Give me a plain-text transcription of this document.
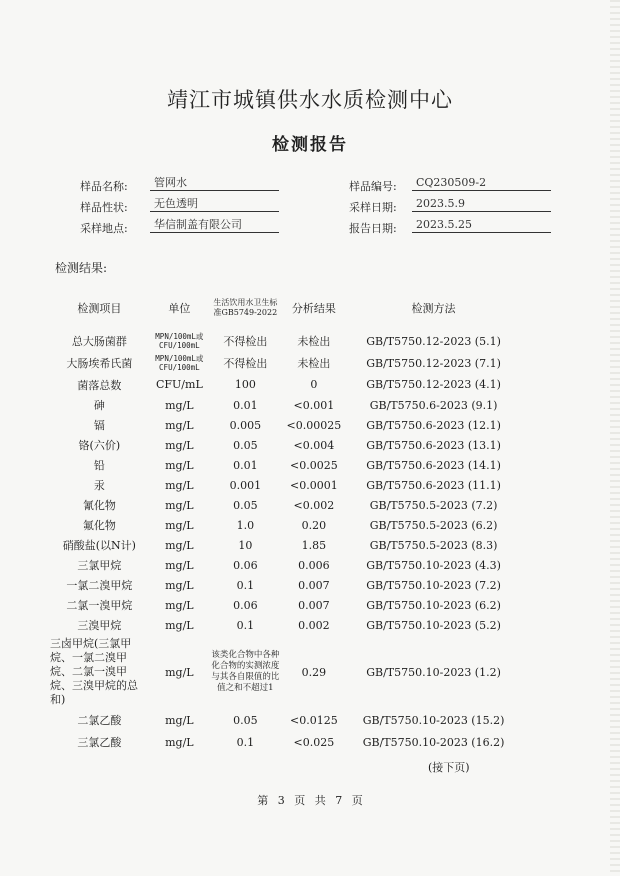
靖江市城镇供水水质检测中心
检测报告
样品名称:	管网水	样品编号:	CQ230509-2
样品性状:	无色透明	采样日期:	2023.5.9
采样地点:	华信制盖有限公司	报告日期:	2023.5.25
检测结果:
检测项目	单位	生活饮用水卫生标准GB5749-2022	分析结果	检测方法
总大肠菌群	MPN/100mL或CFU/100mL	不得检出	未检出	GB/T5750.12-2023 (5.1)
大肠埃希氏菌	MPN/100mL或CFU/100mL	不得检出	未检出	GB/T5750.12-2023 (7.1)
菌落总数	CFU/mL	100	0	GB/T5750.12-2023 (4.1)
砷	mg/L	0.01	<0.001	GB/T5750.6-2023 (9.1)
镉	mg/L	0.005	<0.00025	GB/T5750.6-2023 (12.1)
铬(六价)	mg/L	0.05	<0.004	GB/T5750.6-2023 (13.1)
铅	mg/L	0.01	<0.0025	GB/T5750.6-2023 (14.1)
汞	mg/L	0.001	<0.0001	GB/T5750.6-2023 (11.1)
氰化物	mg/L	0.05	<0.002	GB/T5750.5-2023 (7.2)
氟化物	mg/L	1.0	0.20	GB/T5750.5-2023 (6.2)
硝酸盐(以N计)	mg/L	10	1.85	GB/T5750.5-2023 (8.3)
三氯甲烷	mg/L	0.06	0.006	GB/T5750.10-2023 (4.3)
一氯二溴甲烷	mg/L	0.1	0.007	GB/T5750.10-2023 (7.2)
二氯一溴甲烷	mg/L	0.06	0.007	GB/T5750.10-2023 (6.2)
三溴甲烷	mg/L	0.1	0.002	GB/T5750.10-2023 (5.2)
三卤甲烷(三氯甲烷、一氯二溴甲烷、二氯一溴甲烷、三溴甲烷的总和)	mg/L	该类化合物中各种化合物的实测浓度与其各自限值的比值之和不超过1	0.29	GB/T5750.10-2023 (1.2)
二氯乙酸	mg/L	0.05	<0.0125	GB/T5750.10-2023 (15.2)
三氯乙酸	mg/L	0.1	<0.025	GB/T5750.10-2023 (16.2)
(接下页)
第 3 页 共 7 页
